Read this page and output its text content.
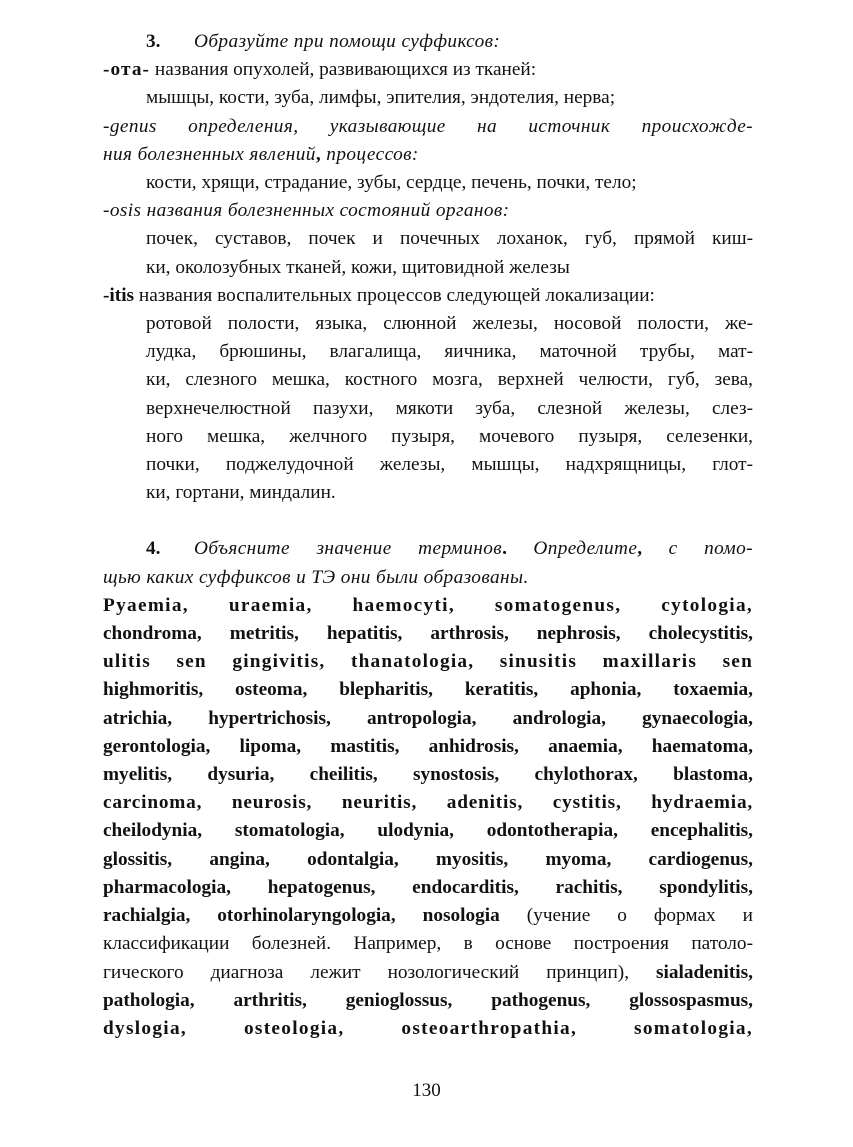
3. Образуйте при помощи суффиксов:
-ота- названия опухолей, развивающихся из тканей:
мышцы, кости, зуба, лимфы, эпителия, эндотелия, нерва;
-genus определения, указывающие на источник происхожде-
ния болезненных явлений, процессов:
кости, хрящи, страдание, зубы, сердце, печень, почки, тело;
-osis названия болезненных состояний органов:
почек, суставов, почек и почечных лоханок, губ, прямой киш-
ки, околозубных тканей, кожи, щитовидной железы
-itis названия воспалительных процессов следующей локализации:
ротовой полости, языка, слюнной железы, носовой полости, же-
лудка, брюшины, влагалища, яичника, маточной трубы, мат-
ки, слезного мешка, костного мозга, верхней челюсти, губ, зева,
верхнечелюстной пазухи, мякоти зуба, слезной железы, слез-
ного мешка, желчного пузыря, мочевого пузыря, селезенки,
почки, поджелудочной железы, мышцы, надхрящницы, глот-
ки, гортани, миндалин.
4. Объясните значение терминов. Определите, с помо-
щью каких суффиксов и ТЭ они были образованы.
Pyaemia, uraemia, haemocyti, somatogenus, cytologia,
chondroma, metritis, hepatitis, arthrosis, nephrosis, cholecystitis,
ulitis sen gingivitis, thanatologia, sinusitis maxillaris sen
highmoritis, osteoma, blepharitis, keratitis, aphonia, toxaemia,
atrichia, hypertrichosis, antropologia, andrologia, gynaecologia,
gerontologia, lipoma, mastitis, anhidrosis, anaemia, haematoma,
myelitis, dysuria, cheilitis, synostosis, chylothorax, blastoma,
carcinoma, neurosis, neuritis, adenitis, cystitis, hydraemia,
cheilodynia, stomatologia, ulodynia, odontotherapia, encephalitis,
glossitis, angina, odontalgia, myositis, myoma, cardiogenus,
pharmacologia, hepatogenus, endocarditis, rachitis, spondylitis,
rachialgia, otorhinolaryngologia, nosologia (учение о формах и
классификации болезней. Например, в основе построения патоло-
гического диагноза лежит нозологический принцип), sialadenitis,
pathologia, arthritis, genioglossus, pathogenus, glossospasmus,
dyslogia, osteologia, osteoarthropathia, somatologia,
130
